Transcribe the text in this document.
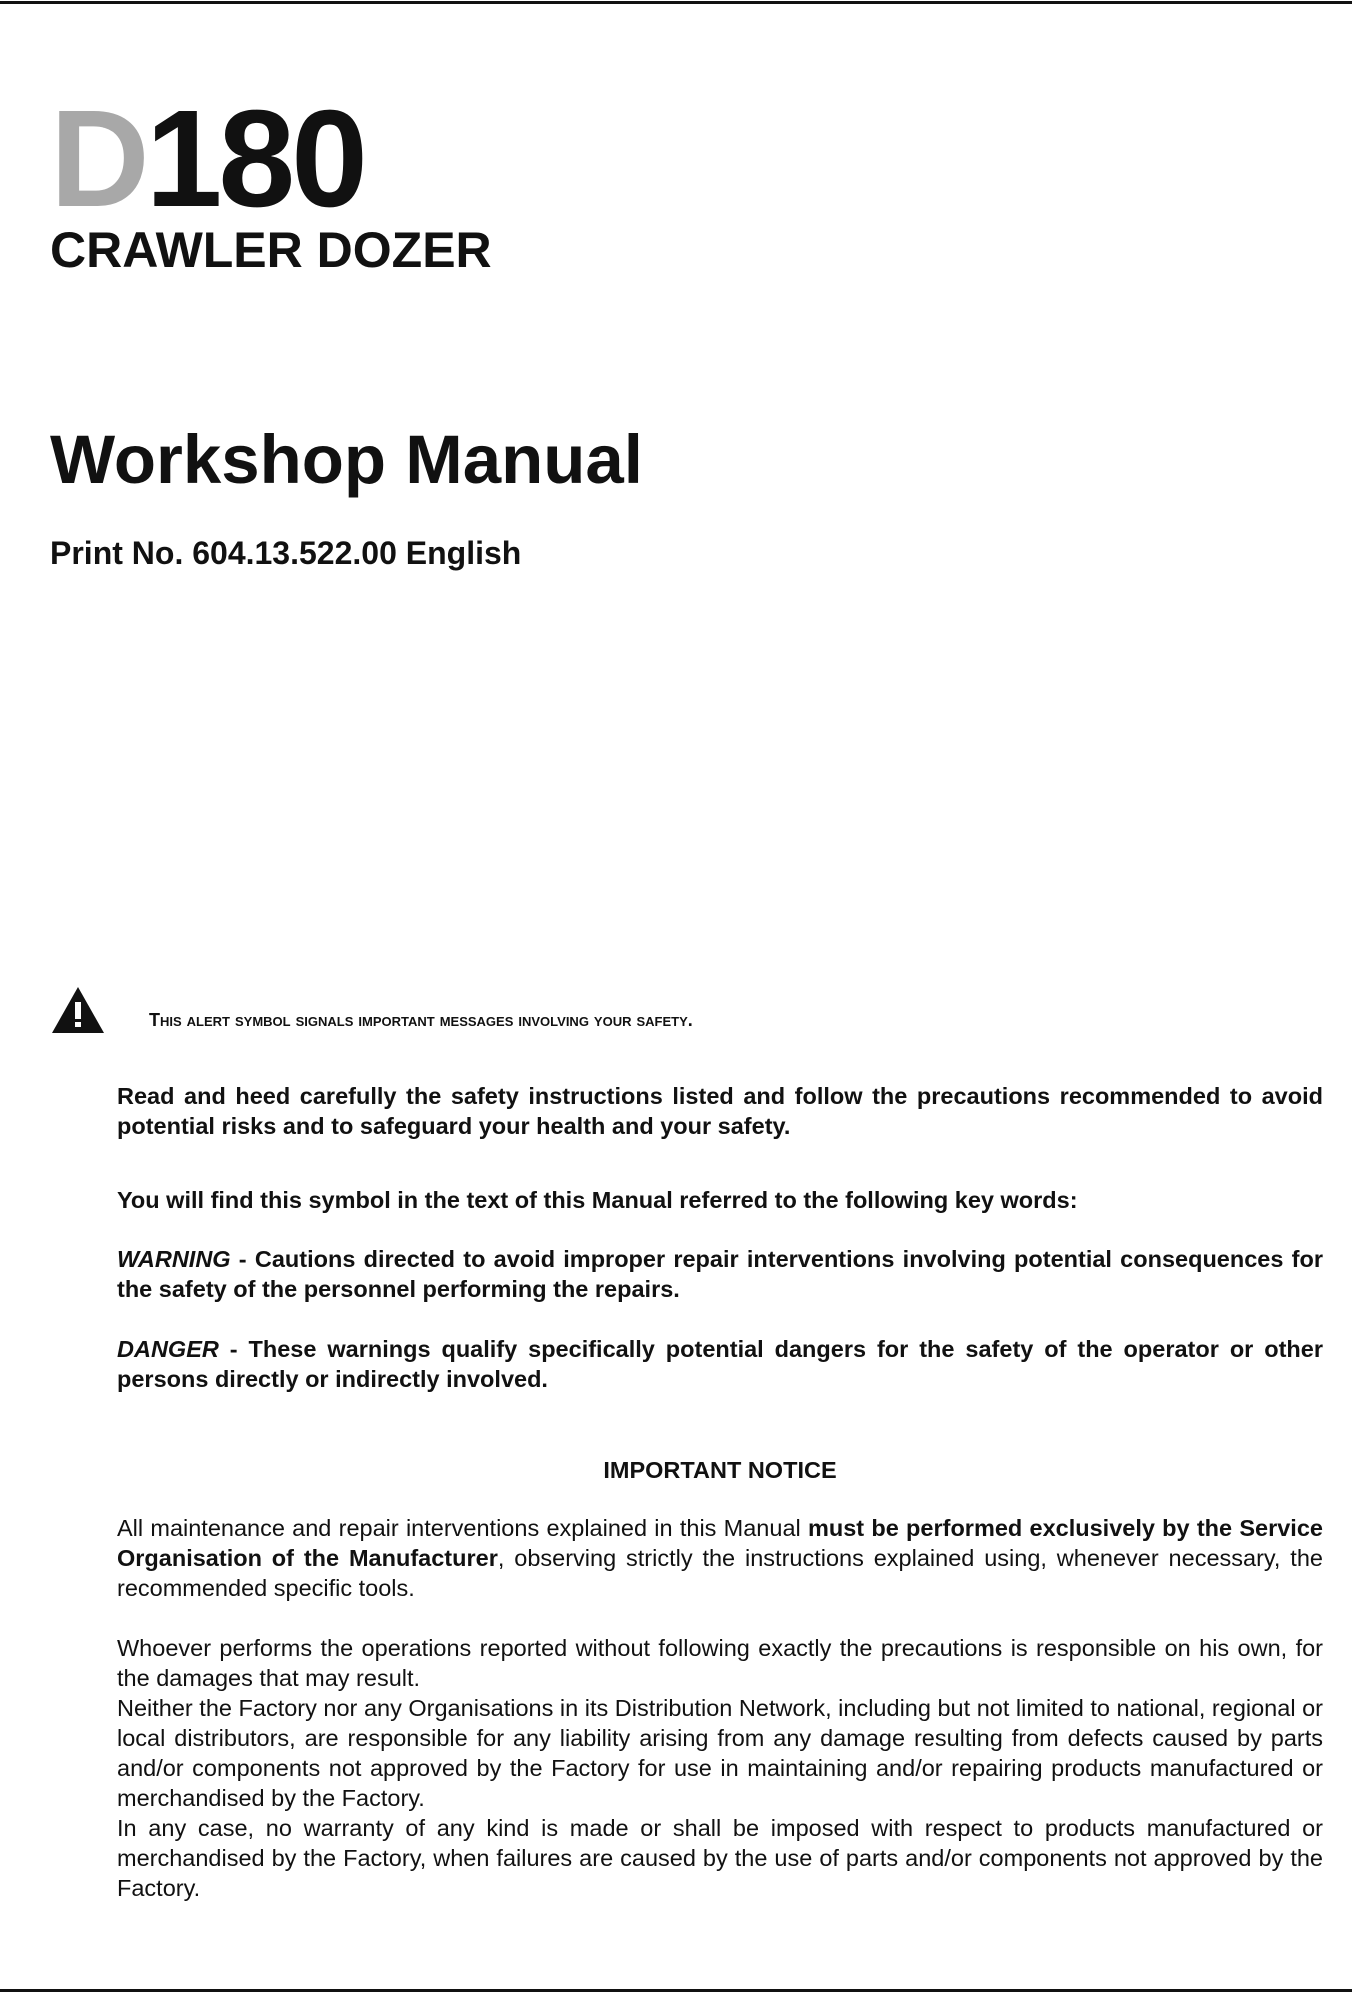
D180
CRAWLER DOZER
Workshop Manual

Print No. 604.13.522.00 English

This alert symbol signals important messages involving your safety.

Read and heed carefully the safety instructions listed and follow the precautions recommended to avoid potential risks and to safeguard your health and your safety.

You will find this symbol in the text of this Manual referred to the following key words:

WARNING - Cautions directed to avoid improper repair interventions involving potential consequences for the safety of the personnel performing the repairs.

DANGER - These warnings qualify specifically potential dangers for the safety of the operator or other persons directly or indirectly involved.

IMPORTANT NOTICE

All maintenance and repair interventions explained in this Manual must be performed exclusively by the Service Organisation of the Manufacturer, observing strictly the instructions explained using, whenever necessary, the recommended specific tools.

Whoever performs the operations reported without following exactly the precautions is responsible on his own, for the damages that may result.

Neither the Factory nor any Organisations in its Distribution Network, including but not limited to national, regional or local distributors, are responsible for any liability arising from any damage resulting from defects caused by parts and/or components not approved by the Factory for use in maintaining and/or repairing products manufactured or merchandised by the Factory.

In any case, no warranty of any kind is made or shall be imposed with respect to products manufactured or merchandised by the Factory, when failures are caused by the use of parts and/or components not approved by the Factory.
